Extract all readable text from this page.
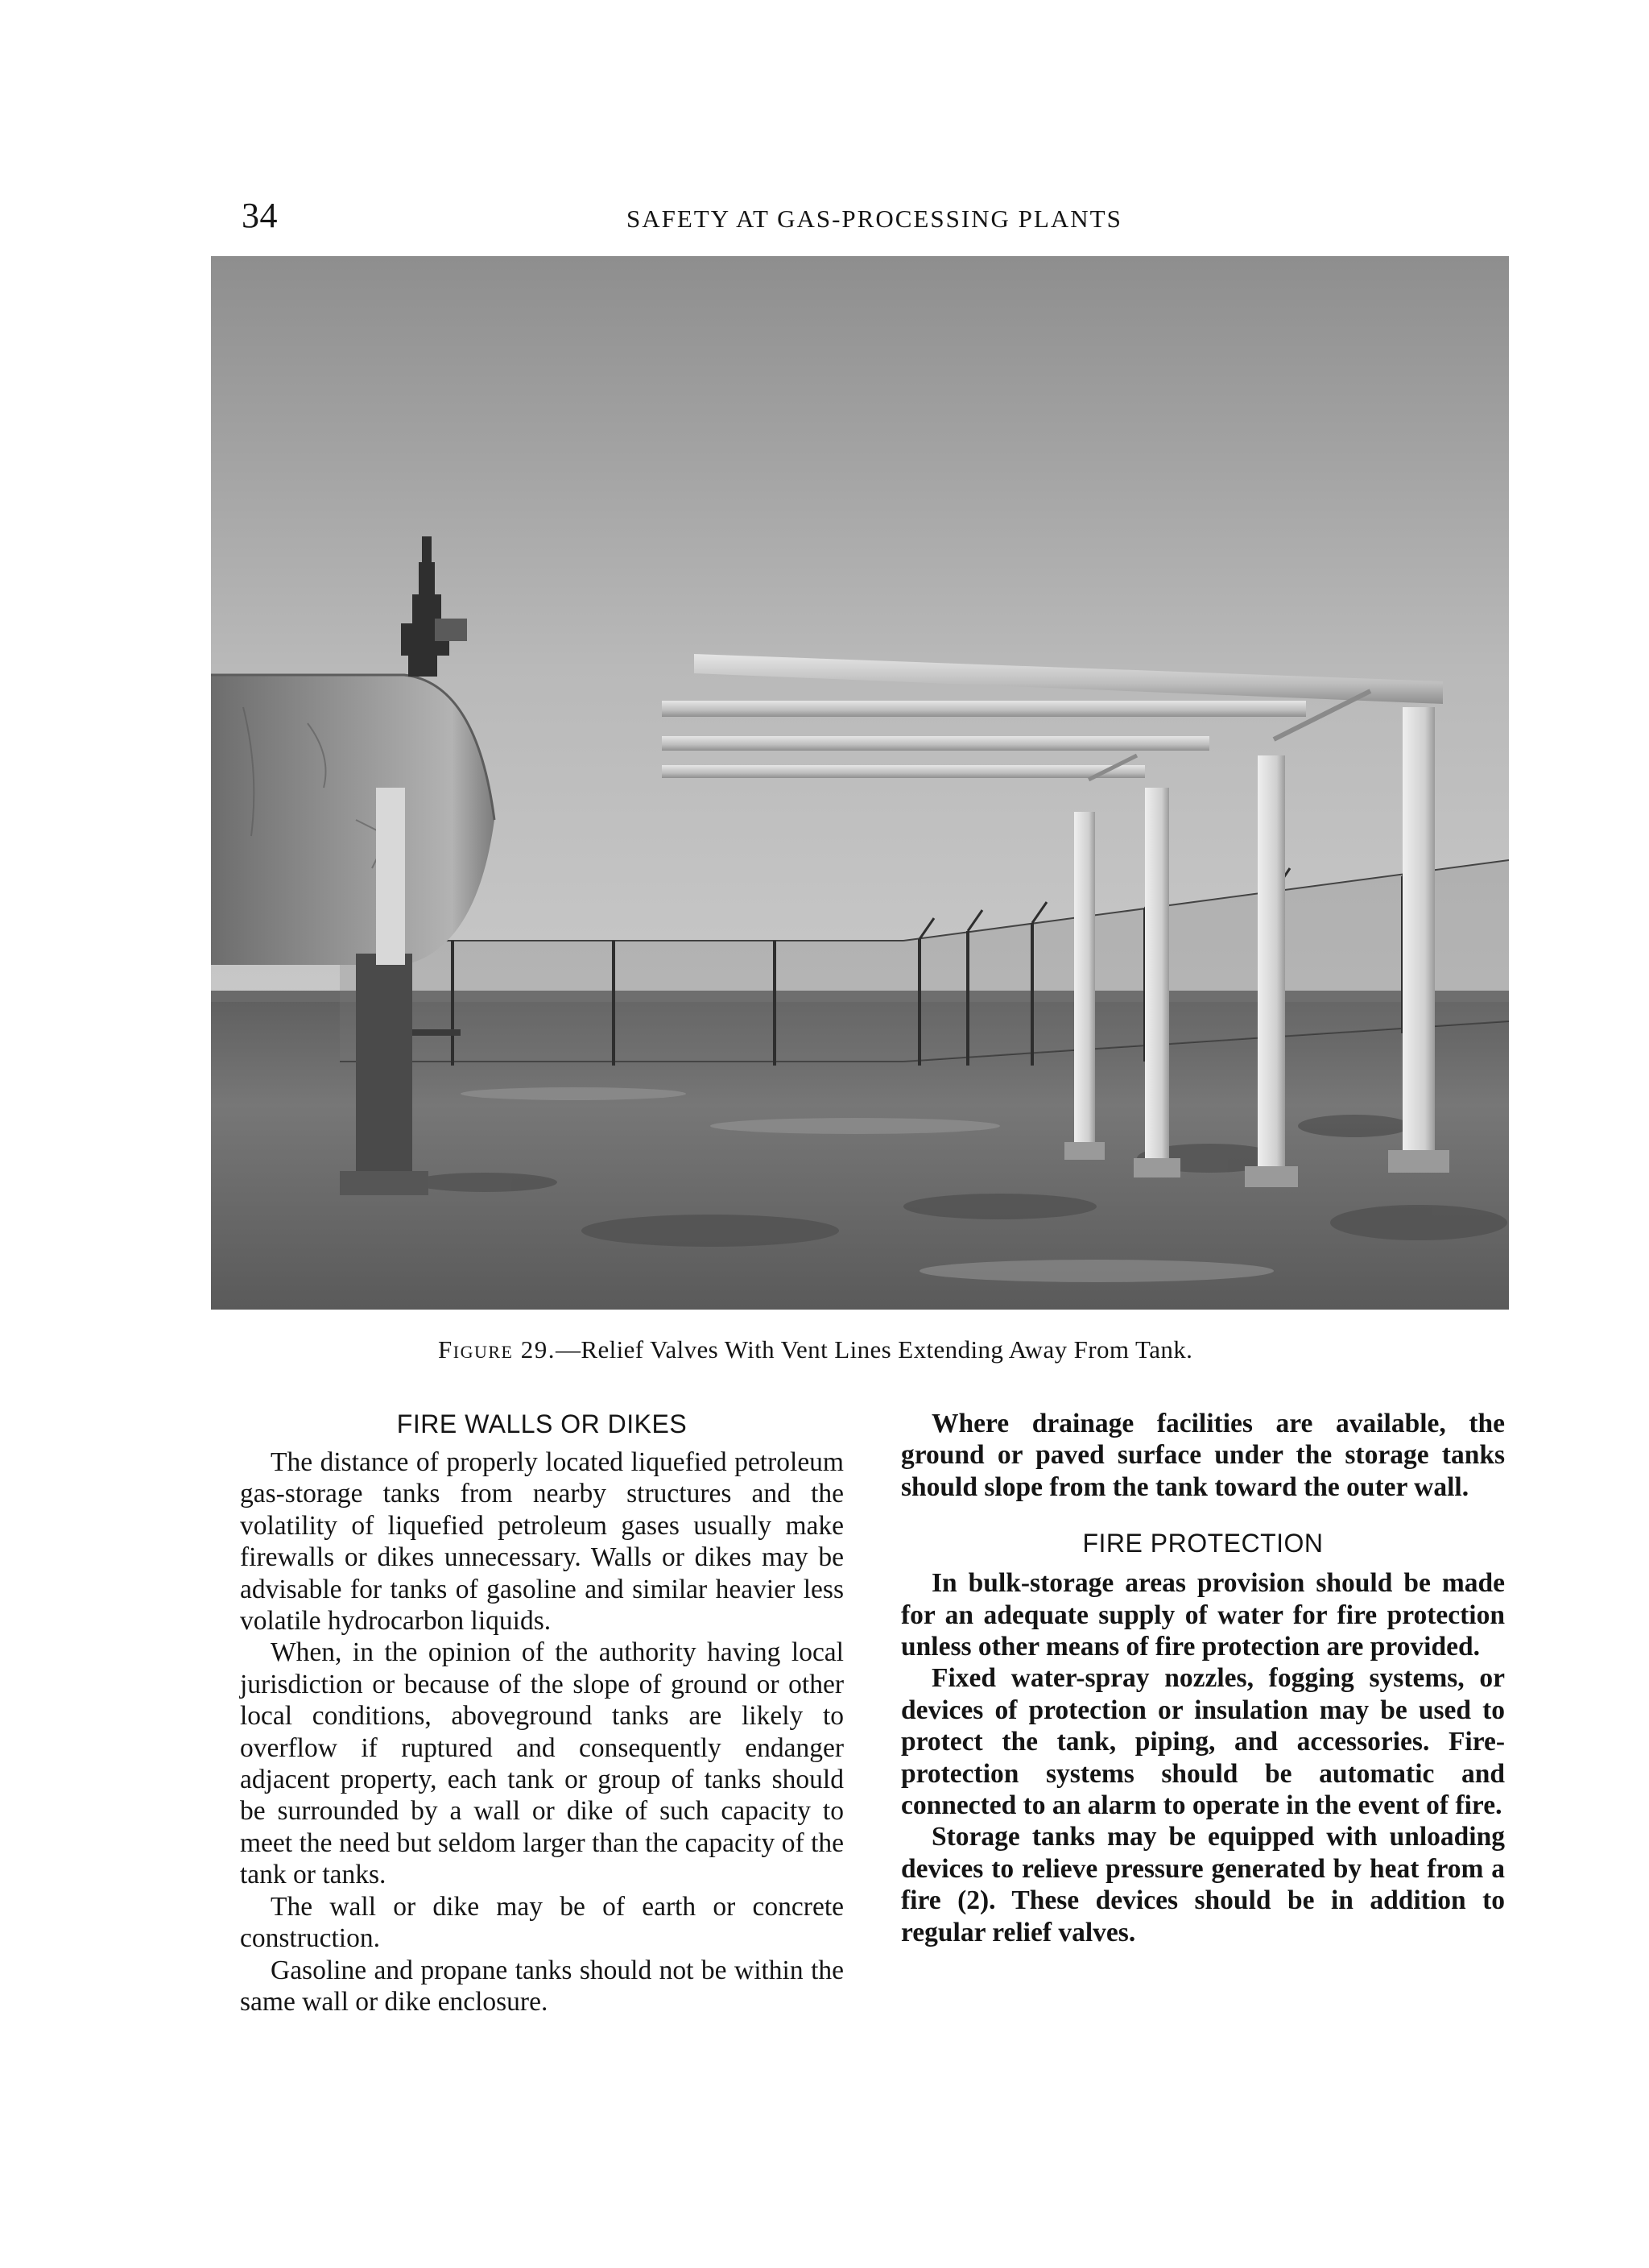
34	SAFETY AT GAS-PROCESSING PLANTS
Figure 29.—Relief Valves With Vent Lines Extending Away From Tank.
FIRE WALLS OR DIKES

The distance of properly located liquefied petroleum gas-storage tanks from nearby structures and the volatility of liquefied petroleum gases usually make firewalls or dikes unnecessary. Walls or dikes may be advisable for tanks of gasoline and similar heavier less volatile hydrocarbon liquids.

When, in the opinion of the authority having local jurisdiction or because of the slope of ground or other local conditions, aboveground tanks are likely to overflow if ruptured and consequently endanger adjacent property, each tank or group of tanks should be surrounded by a wall or dike of such capacity to meet the need but seldom larger than the capacity of the tank or tanks.

The wall or dike may be of earth or concrete construction.

Gasoline and propane tanks should not be within the same wall or dike enclosure.

Where drainage facilities are available, the ground or paved surface under the storage tanks should slope from the tank toward the outer wall.

FIRE PROTECTION

In bulk-storage areas provision should be made for an adequate supply of water for fire protection unless other means of fire protection are provided.

Fixed water-spray nozzles, fogging systems, or devices of protection or insulation may be used to protect the tank, piping, and accessories. Fire-protection systems should be automatic and connected to an alarm to operate in the event of fire.

Storage tanks may be equipped with unloading devices to relieve pressure generated by heat from a fire (2). These devices should be in addition to regular relief valves.
